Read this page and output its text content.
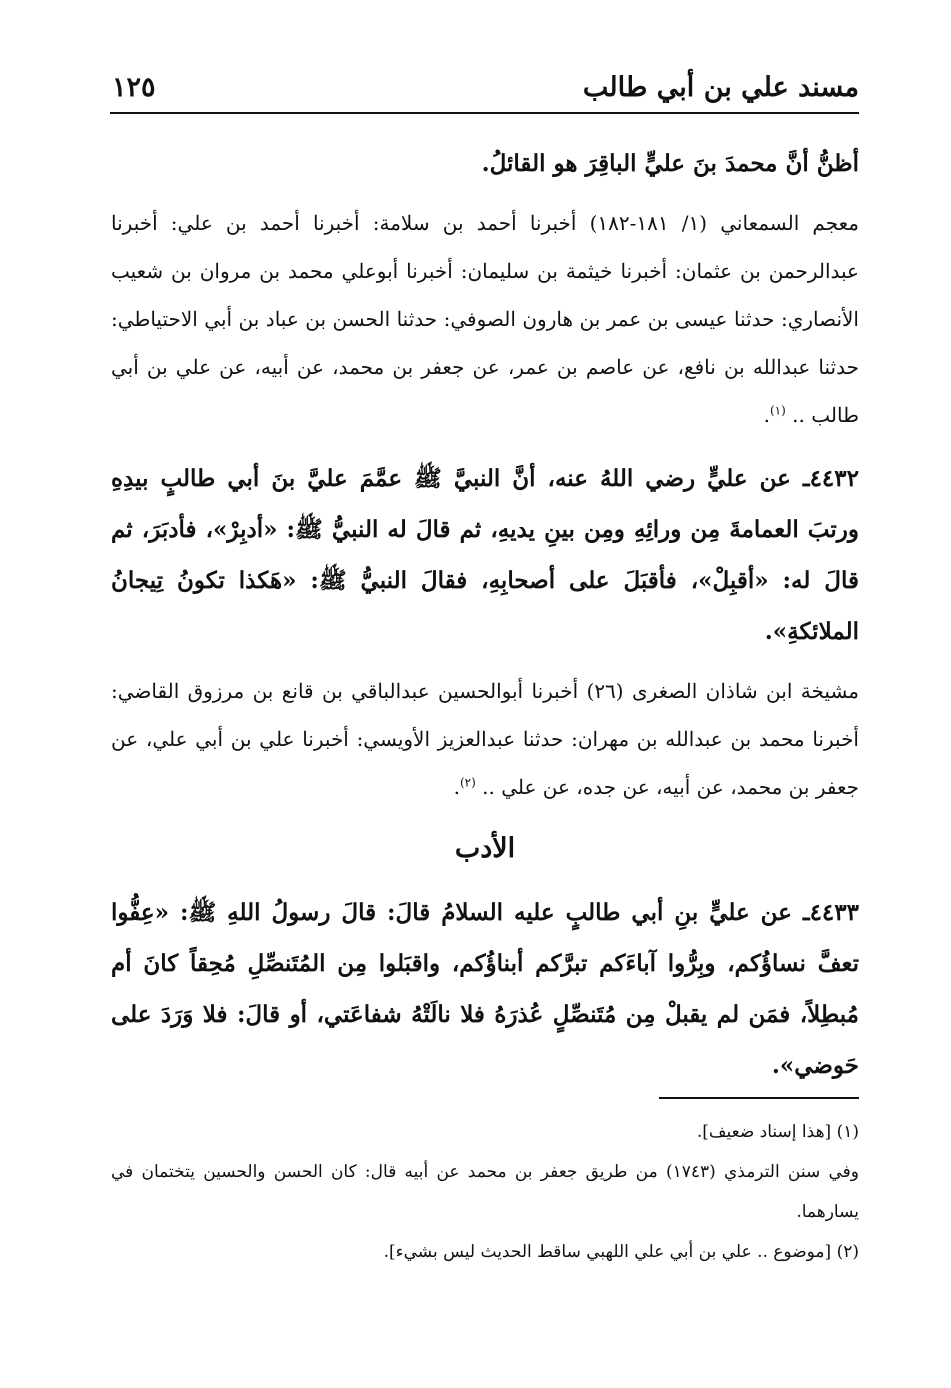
مسند علي بن أبي طالب
١٢٥

أظنُّ أنَّ محمدَ بنَ عليٍّ الباقِرَ هو القائلُ.

معجم السمعاني (١/ ١٨١-١٨٢) أخبرنا أحمد بن سلامة: أخبرنا أحمد بن علي: أخبرنا عبدالرحمن بن عثمان: أخبرنا خيثمة بن سليمان: أخبرنا أبوعلي محمد بن مروان بن شعيب الأنصاري: حدثنا عيسى بن عمر بن هارون الصوفي: حدثنا الحسن بن عباد بن أبي الاحتياطي: حدثنا عبدالله بن نافع، عن عاصم بن عمر، عن جعفر بن محمد، عن أبيه، عن علي بن أبي طالب .. $^{(١)}$.

٤٤٣٢ـ عن عليٍّ رضي اللهُ عنه، أنَّ النبيَّ ﷺ عمَّمَ عليَّ بنَ أبي طالبٍ بيدِهِ ورتبَ العمامةَ مِن ورائِهِ ومِن بينِ يديهِ، ثم قالَ له النبيُّ ﷺ: «أدبِرْ»، فأدبَرَ، ثم قالَ له: «أقبِلْ»، فأقبَلَ على أصحابِهِ، فقالَ النبيُّ ﷺ: «هَكذا تكونُ تِيجانُ الملائكةِ».

مشيخة ابن شاذان الصغرى (٢٦) أخبرنا أبوالحسين عبدالباقي بن قانع بن مرزوق القاضي: أخبرنا محمد بن عبدالله بن مهران: حدثنا عبدالعزيز الأويسي: أخبرنا علي بن أبي علي، عن جعفر بن محمد، عن أبيه، عن جده، عن علي .. $^{(٢)}$.

الأدب

٤٤٣٣ـ عن عليٍّ بنِ أبي طالبٍ عليه السلامُ قالَ: قالَ رسولُ اللهِ ﷺ: «عِفُّوا تعفَّ نساؤُكم، وبِرُّوا آباءَكم تبرَّكم أبناؤُكم، واقبَلوا مِن المُتَنصِّلِ مُحِقاً كانَ أم مُبطِلاً، فمَن لم يقبلْ مِن مُتَنصِّلٍ عُذرَهُ فلا نالَتْهُ شفاعَتي، أو قالَ: فلا وَرَدَ على حَوضي».

(١) [هذا إسناد ضعيف].

وفي سنن الترمذي (١٧٤٣) من طريق جعفر بن محمد عن أبيه قال: كان الحسن والحسين يتختمان في يسارهما.

(٢) [موضوع .. علي بن أبي علي اللهبي ساقط الحديث ليس بشيء].
